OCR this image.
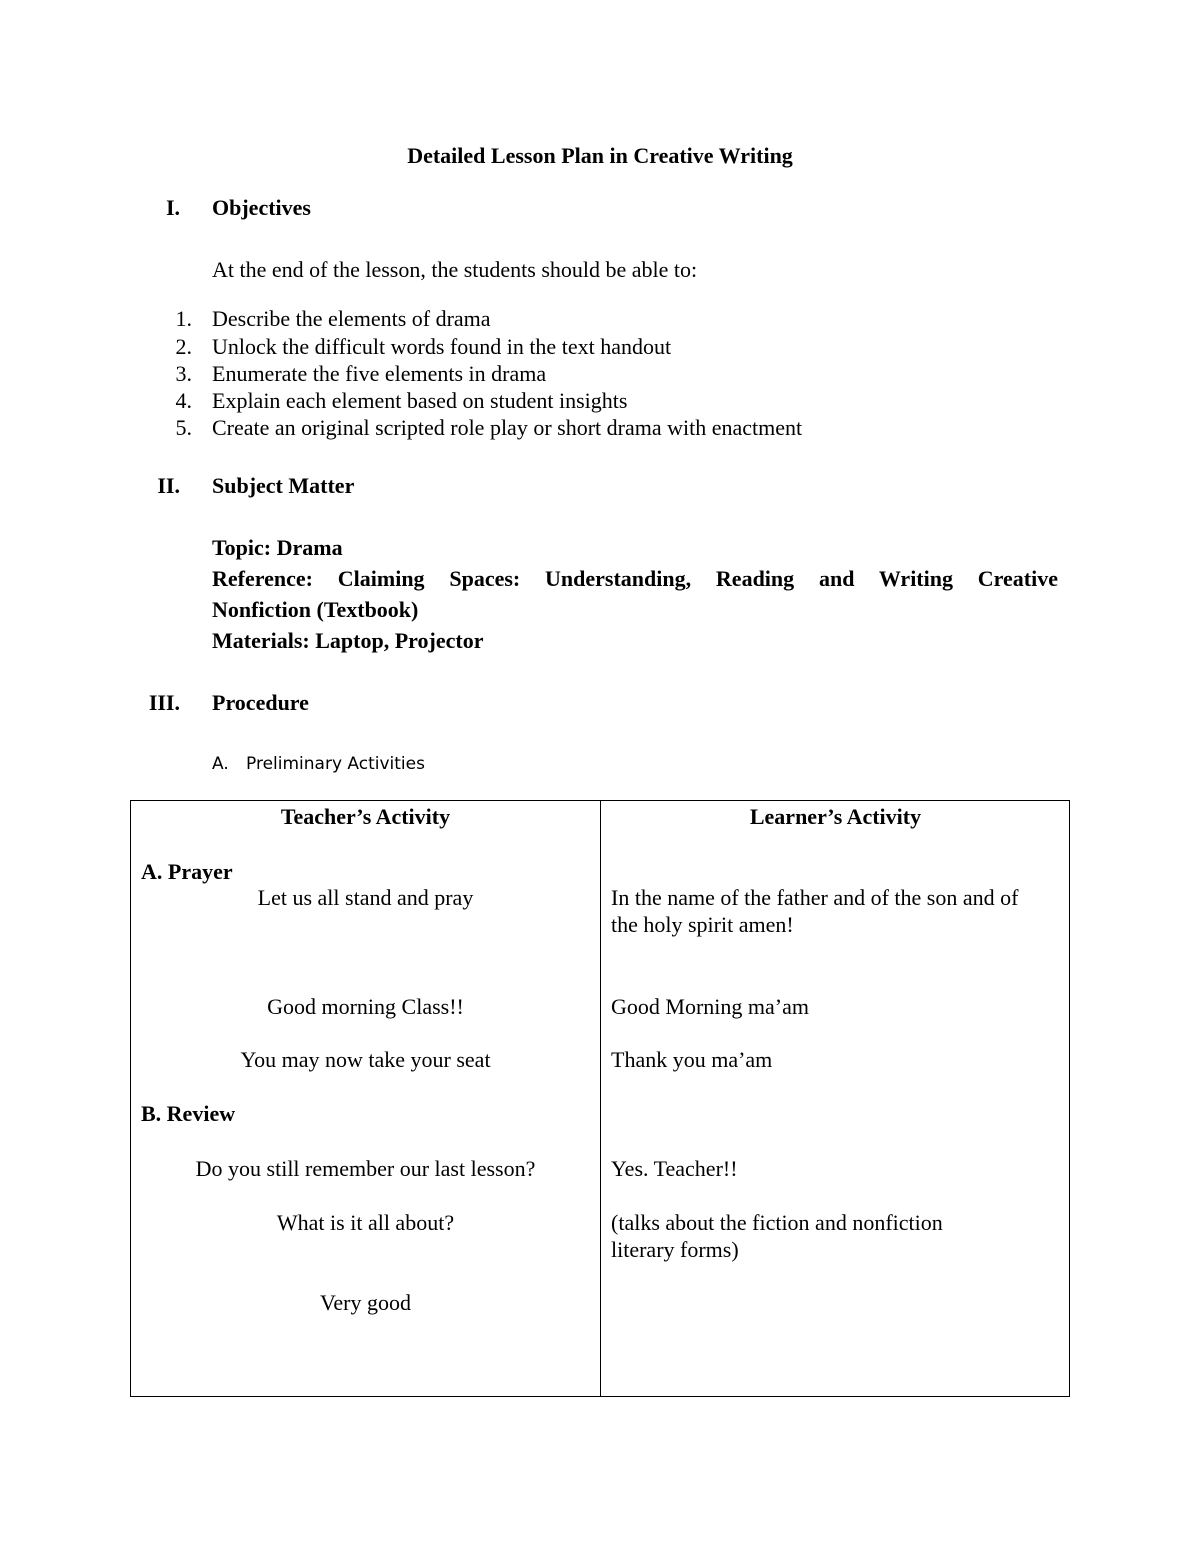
Detailed Lesson Plan in Creative Writing
I. Objectives
At the end of the lesson, the students should be able to:
1. Describe the elements of drama
2. Unlock the difficult words found in the text handout
3. Enumerate the five elements in drama
4. Explain each element based on student insights
5. Create an original scripted role play or short drama with enactment
II. Subject Matter
Topic: Drama
Reference: Claiming Spaces: Understanding, Reading and Writing Creative
Nonfiction (Textbook)
Materials: Laptop, Projector
III. Procedure
A. Preliminary Activities
Teacher’s Activity	Learner’s Activity
A. Prayer
Let us all stand and pray	In the name of the father and of the son and of
the holy spirit amen!
Good morning Class!!	Good Morning ma’am
You may now take your seat	Thank you ma’am
B. Review
Do you still remember our last lesson?	Yes. Teacher!!
What is it all about?	(talks about the fiction and nonfiction
literary forms)
Very good
